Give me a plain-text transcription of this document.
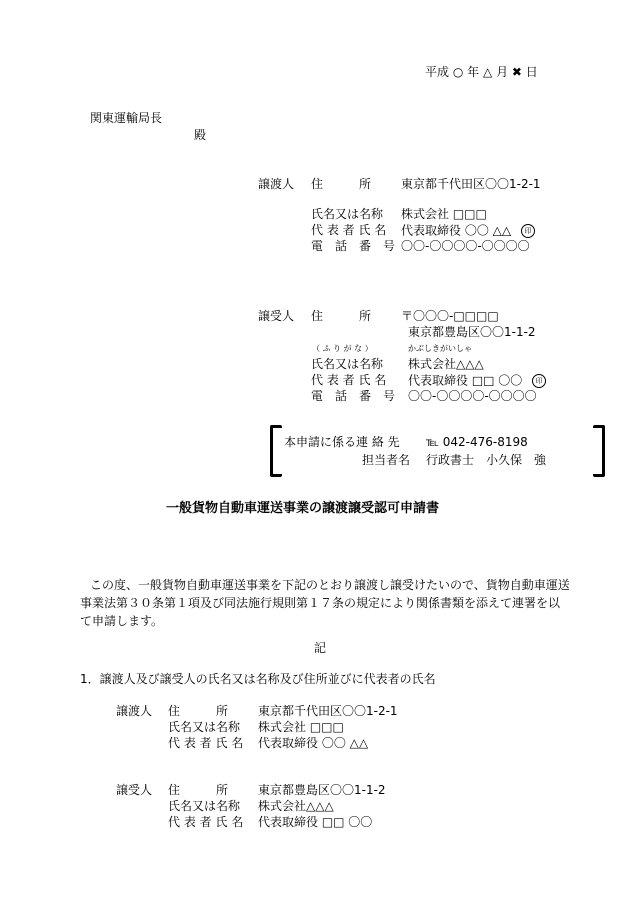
平成 ○ 年 △ 月 ✖ 日
関東運輸局長
殿
譲渡人 住　　　所 東京都千代田区〇〇1-2-1
氏名又は名称 株式会社 □□□
代 表 者 氏 名 代表取締役 〇〇 △△ 印
電　話　番　号 〇〇-〇〇〇〇-〇〇〇〇
譲受人 住　　　所 〒〇〇〇-□□□□
東京都豊島区〇〇1-1-2
（ ふ り が な ）	かぶしきがいしゃ
氏名又は名称 株式会社△△△
代 表 者 氏 名 代表取締役 □□ 〇〇 印
電　話　番　号 〇〇-〇〇〇〇-〇〇〇〇
本申請に係る連 絡 先 ℡ 042-476-8198
担当者名 行政書士　小久保　強
一般貨物自動車運送事業の譲渡譲受認可申請書
この度、一般貨物自動車運送事業を下記のとおり譲渡し譲受けたいので、貨物自動車運送事業法第３０条第１項及び同法施行規則第１７条の規定により関係書類を添えて連署を以て申請します。
記
1．譲渡人及び譲受人の氏名又は名称及び住所並びに代表者の氏名
譲渡人 住　　　所 東京都千代田区〇〇1-2-1
氏名又は名称 株式会社 □□□
代 表 者 氏 名 代表取締役 〇〇 △△
譲受人 住　　　所 東京都豊島区〇〇1-1-2
氏名又は名称 株式会社△△△
代 表 者 氏 名 代表取締役 □□ 〇〇
